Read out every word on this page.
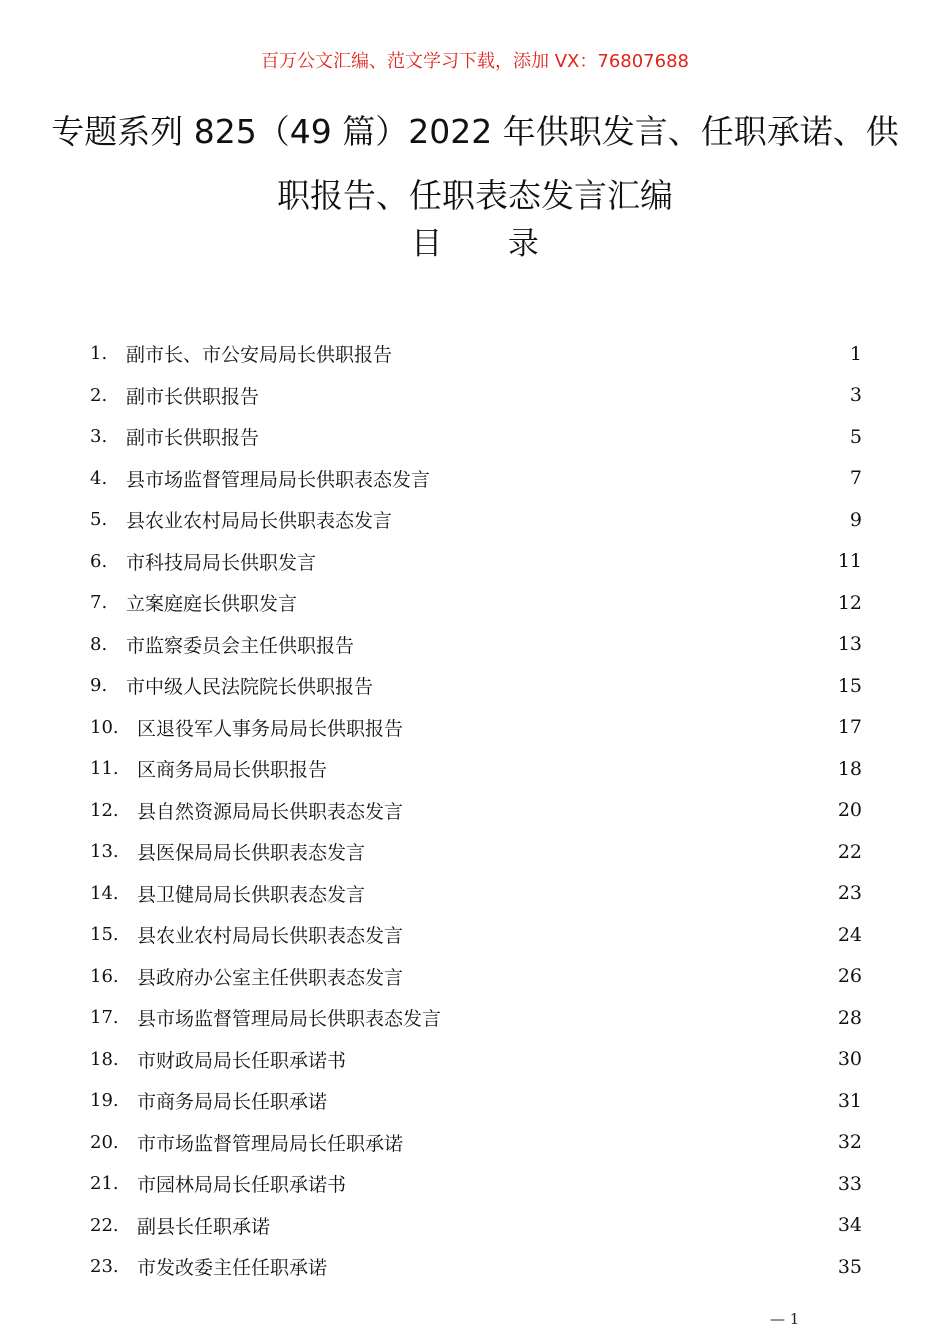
百万公文汇编、范文学习下载，添加 VX：76807688
专题系列 825（49 篇）2022 年供职发言、任职承诺、供职报告、任职表态发言汇编
目 录
1. 副市长、市公安局局长供职报告	1
2. 副市长供职报告	3
3. 副市长供职报告	5
4. 县市场监督管理局局长供职表态发言	7
5. 县农业农村局局长供职表态发言	9
6. 市科技局局长供职发言	11
7. 立案庭庭长供职发言	12
8. 市监察委员会主任供职报告	13
9. 市中级人民法院院长供职报告	15
10. 区退役军人事务局局长供职报告	17
11. 区商务局局长供职报告	18
12. 县自然资源局局长供职表态发言	20
13. 县医保局局长供职表态发言	22
14. 县卫健局局长供职表态发言	23
15. 县农业农村局局长供职表态发言	24
16. 县政府办公室主任供职表态发言	26
17. 县市场监督管理局局长供职表态发言	28
18. 市财政局局长任职承诺书	30
19. 市商务局局长任职承诺	31
20. 市市场监督管理局局长任职承诺	32
21. 市园林局局长任职承诺书	33
22. 副县长任职承诺	34
23. 市发改委主任任职承诺	35
— 1
